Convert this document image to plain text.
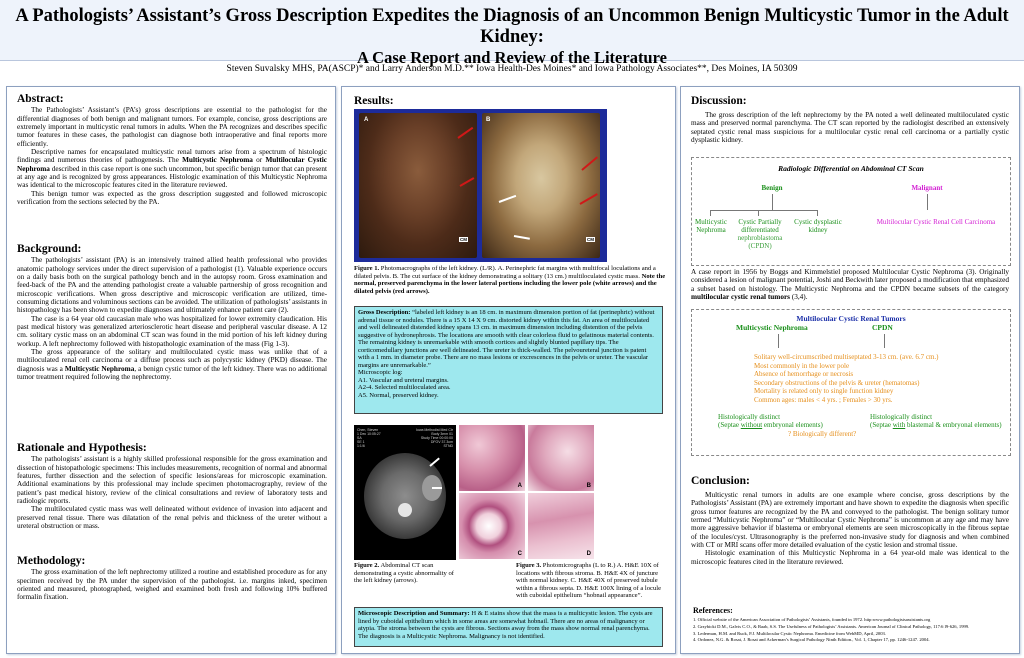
A Pathologists’ Assistant’s Gross Description Expedites the Diagnosis of an Uncommon Benign Multicystic Tumor in the Adult Kidney:
A Case Report and Review of the Literature
Steven Suvalsky MHS, PA(ASCP)* and Larry Anderson M.D.** Iowa Health-Des Moines* and Iowa Pathology Associates**, Des Moines, IA 50309
Abstract:

The Pathologists’ Assistant’s (PA’s) gross descriptions are essential to the pathologist for the differential diagnoses of both benign and malignant tumors. For example, concise, gross descriptions are extremely important in multicystic renal tumors in adults. When the PA recognizes and describes specific tumor features in these cases, the pathologist can diagnose both intraoperative and final reports more efficiently.

Descriptive names for encapsulated multicystic renal tumors arise from a spectrum of histologic findings and numerous theories of pathogenesis. The Multicystic Nephroma or Multilocular Cystic Nephroma described in this case report is one such uncommon, but specific benign tumor that can present at any age and is recognized by gross appearances. Histologic examination of this Multicystic Nephroma was identical to the microscopic features cited in the literature reviewed.

This benign tumor was expected as the gross description suggested and followed microscopic verification from the sections selected by the PA.

Background:

The pathologists’ assistant (PA) is an intensively trained allied health professional who provides anatomic pathology services under the direct supervision of a pathologist (1). Valuable experience occurs on a daily basis both on the surgical pathology bench and in the autopsy room. Gross examination and feed-back of the PA and the attending pathologist create a valuable partnership of gross recognition and microscopic verifications. When gross descriptive and microscopic verification are utilized, time-consuming dictations and voluminous sections can be avoided. The utilization of pathologists’ assistants in histopathology has been shown to expedite diagnoses and ultimately enhance patient care (2).

The case is a 64 year old caucasian male who was hospitalized for lower extremity claudication. His past medical history was generalized arteriosclerotic heart disease and peripheral vascular disease. A 12 cm. solitary cystic mass on an abdominal CT scan was found in the mid portion of his left kidney during workup. A left nephrectomy followed with histopathologic examination of the mass (Fig 1-3).

The gross appearance of the solitary and multiloculated cystic mass was unlike that of a multiloculated renal cell carcinoma or a diffuse process such as polycystic kidney (PKD) disease. The diagnosis was a Multicystic Nephroma, a benign cystic tumor of the left kidney. There was no additional tumor treatment required following the nephrectomy.

Rationale and Hypothesis:

The pathologists’ assistant is a highly skilled professional responsible for the gross examination and dissection of histopathologic specimens: This includes measurements, recognition of normal and abnormal features, further dissection and the selection of specific lesions/areas for microscopic examination. Additional examinations by this professional may include specimen photomacrography, review of the patient’s past medical history, review of the clinical consultations and review of laboratory tests and radiologic reports.

The multiloculated cystic mass was well delineated without evidence of invasion into adjacent and preserved renal tissue. There was dilatation of the renal pelvis and thickness of the ureter without a ureteral obstruction or mass.

Methodology:

The gross examination of the left nephrectomy utilized a routine and established procedure as for any specimen received by the PA under the supervision of the pathologist. i.e. margins inked, specimen oriented and measured, photographed, weighed and examined both fresh and following 10% buffered formalin fixation.

Results:
A	B
CM	CM
Figure 1. Photomacrographs of the left kidney. (L/R). A. Perinephric fat margins with multifocal loculations and a dilated pelvis. B. The cut surface of the kidney demonstrating a solitary (13 cm.) multiloculated cystic mass. Note the normal, preserved parenchyma in the lower lateral portions including the lower pole (white arrows) and the dilated pelvis (red arrows).
Gross Description: “labeled left kidney is an 18 cm. in maximum dimension portion of fat (perinephric) without adrenal tissue or nodules. There is a 15 X 14 X 9 cm. distorted kidney within this fat. An area of multiloculated and well delineated distended kidney spans 13 cm. in maximum dimension including distention of the pelvis suggestive of hydronephrosis. The locations are smooth with clear colorless fluid to gelatinous material contents. The remaining kidney is unremarkable with smooth cortices and slightly blunted papillary tips. The corticomedullary junctions are well delineated. The ureter is thick-walled. The pelvoureteral junction is patent with a 1 mm. in diameter probe. There are no mass lesions or excrescences in the pelvis or ureter. The vascular margins are unremarkable.”
Microscopic log:
A1. Vascular and ureteral margins.
A2-4. Selected multiloculated area.
A5. Normal, preserved kidney.
Chen, Steven
1 Dec 10:05:27
SA
SE 1
1:1/6
Iowa Methodist Med Ctr
Body 3mm 01
Study Time 00:00:00
DFOV 37.3cm
STND
A	B
C	D
Figure 2. Abdominal CT scan demonstrating a cystic abnormality of the left kidney (arrows).
Figure 3. Photomicrographs (L to R.) A. H&E 10X of locations with fibrous stroma. B. H&E 4X of juncture with normal kidney. C. H&E 40X of preserved tubule within a fibrous septa. D. H&E 100X lining of a locule with cuboidal epithelium “hobnail appearance”.
Microscopic Description and Summary: H & E stains show that the mass is a multicystic lesion. The cysts are lined by cuboidal epithelium which in some areas are somewhat hobnail. There are no areas of malignancy or atypia. The stroma between the cysts are fibrous. Sections away from the mass show normal renal parenchyma. The diagnosis is a Multicystic Nephroma. Malignancy is not identified.
Discussion:

The gross description of the left nephrectomy by the PA noted a well delineated multiloculated cystic mass and preserved normal parenchyma. The CT scan reported by the radiologist described an extensively septated cystic renal mass suspicious for a multilocular cystic renal cell carcinoma or a partially cystic dysplastic kidney.

Radiologic Differential on Abdominal CT Scan
Benign	Malignant
Multicystic
Nephroma
Cystic Partially
differentiated
nephroblastoma
(CPDN)
Cystic dysplastic
kidney
Multilocular Cystic Renal Cell Carcinoma
A case report in 1956 by Boggs and Kimmelstiel proposed Multilocular Cystic Nephroma (3). Originally considered a lesion of malignant potential, Joshi and Beckwith later proposed a modification that emphasized a subset based on histology. The Multicystic Nephroma and the CPDN became subsets of the category multilocular cystic renal tumors (3,4).
Multilocular Cystic Renal Tumors
Multicystic Nephroma	CPDN
Solitary well-circumscribed multiseptated 3-13 cm. (ave. 6.7 cm.)
Most commonly in the lower pole
Absence of hemorrhage or necrosis
Secondary obstructions of the pelvis & ureter (hematomas)
Mortality is related only to single function kidney
Common ages: males < 4 yrs. ; Females > 30 yrs.
Histologically distinct
(Septae without embryonal elements)
Histologically distinct
(Septae with blastemal & embryonal elements)
? Biologically different?
Conclusion:

Multicystic renal tumors in adults are one example where concise, gross descriptions by the Pathologists’ Assistant (PA) are extremely important and have shown to expedite the diagnosis when specific gross tumor features are recognized by the PA and conveyed to the pathologist. The benign solitary tumor termed “Multicystic Nephroma” or “Multilocular Cystic Nephroma” is uncommon at any age and may have more aggressive behavior if blastema or embryonal elements are seen microscopically in the fibrous septae of the locules/cyst. Ultrasonography is the preferred non-invasive study for diagnosis and when combined with CT or MRI scans offer more detailed evaluation of the cystic lesion and stromal tissue.

Histologic examination of this Multicystic Nephroma in a 64 year-old male was identical to the microscopic features cited in the literature reviewed.

References:
1. Official website of the American Association of Pathologists’ Assistants, founded in 1972. http:www.pathologistsassistants.org
2. Grzybicki D.M., Galvis C.O., & Raab, S.S. The Usefulness of Pathologists’ Assistants. American Journal of Clinical Pathology, 117:6 l9-626, 1999.
3. Lederman, H.M. and Ruck, P.J. Multilocular Cystic Nephroma. Emedicine from WebMD, April, 2003.
4. Ordonez, N.G. & Rosai, J. Rosai and Ackerman’s Surgical Pathology Ninth Edition., Vol. 1, Chapter 17, pp. 1246-1247. 2004.
